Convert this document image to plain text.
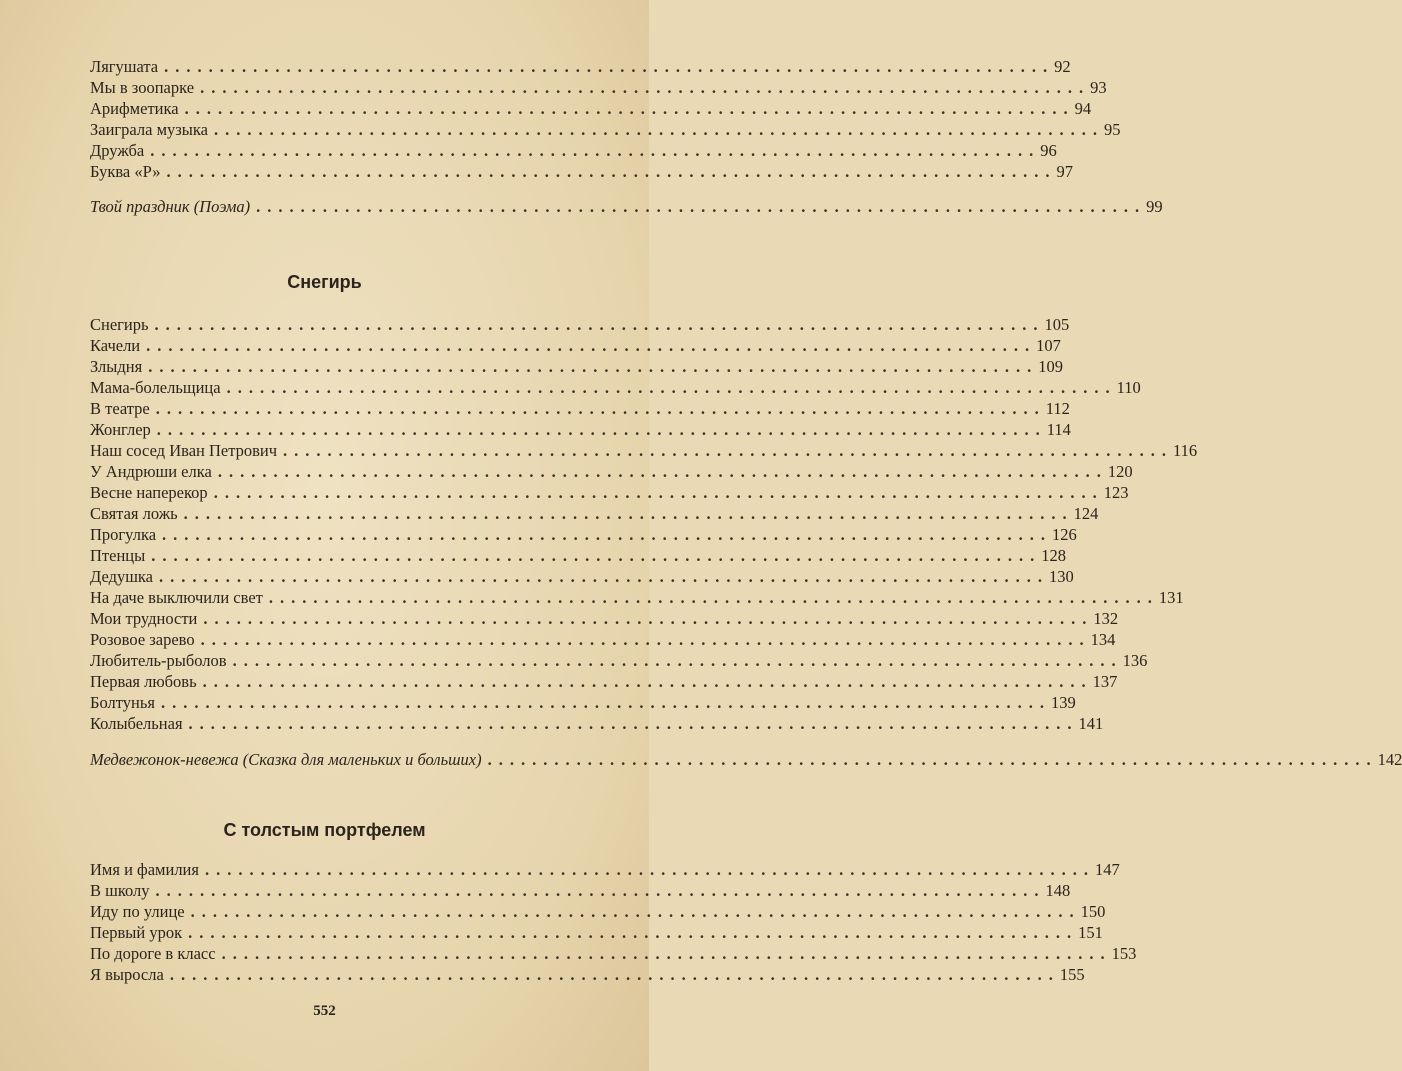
Лягушата ................................................................................ 92
Мы в зоопарке ................................................................................ 93
Арифметика ................................................................................ 94
Заиграла музыка ................................................................................ 95
Дружба ................................................................................ 96
Буква «Р» ................................................................................ 97
Твой праздник (Поэма) ................................................................................ 99
Снегирь
Снегирь ................................................................................ 105
Качели ................................................................................ 107
Злыдня ................................................................................ 109
Мама-болельщица ................................................................................ 110
В театре ................................................................................ 112
Жонглер ................................................................................ 114
Наш сосед Иван Петрович ................................................................................ 116
У Андрюши елка ................................................................................ 120
Весне наперекор ................................................................................ 123
Святая ложь ................................................................................ 124
Прогулка ................................................................................ 126
Птенцы ................................................................................ 128
Дедушка ................................................................................ 130
На даче выключили свет ................................................................................ 131
Мои трудности ................................................................................ 132
Розовое зарево ................................................................................ 134
Любитель-рыболов ................................................................................ 136
Первая любовь ................................................................................ 137
Болтунья ................................................................................ 139
Колыбельная ................................................................................ 141
Медвежонок-невежа (Сказка для маленьких и больших) ................................................................................ 142
С толстым портфелем
Имя и фамилия ................................................................................ 147
В школу ................................................................................ 148
Иду по улице ................................................................................ 150
Первый урок ................................................................................ 151
По дороге в класс ................................................................................ 153
Я выросла ................................................................................ 155
552
